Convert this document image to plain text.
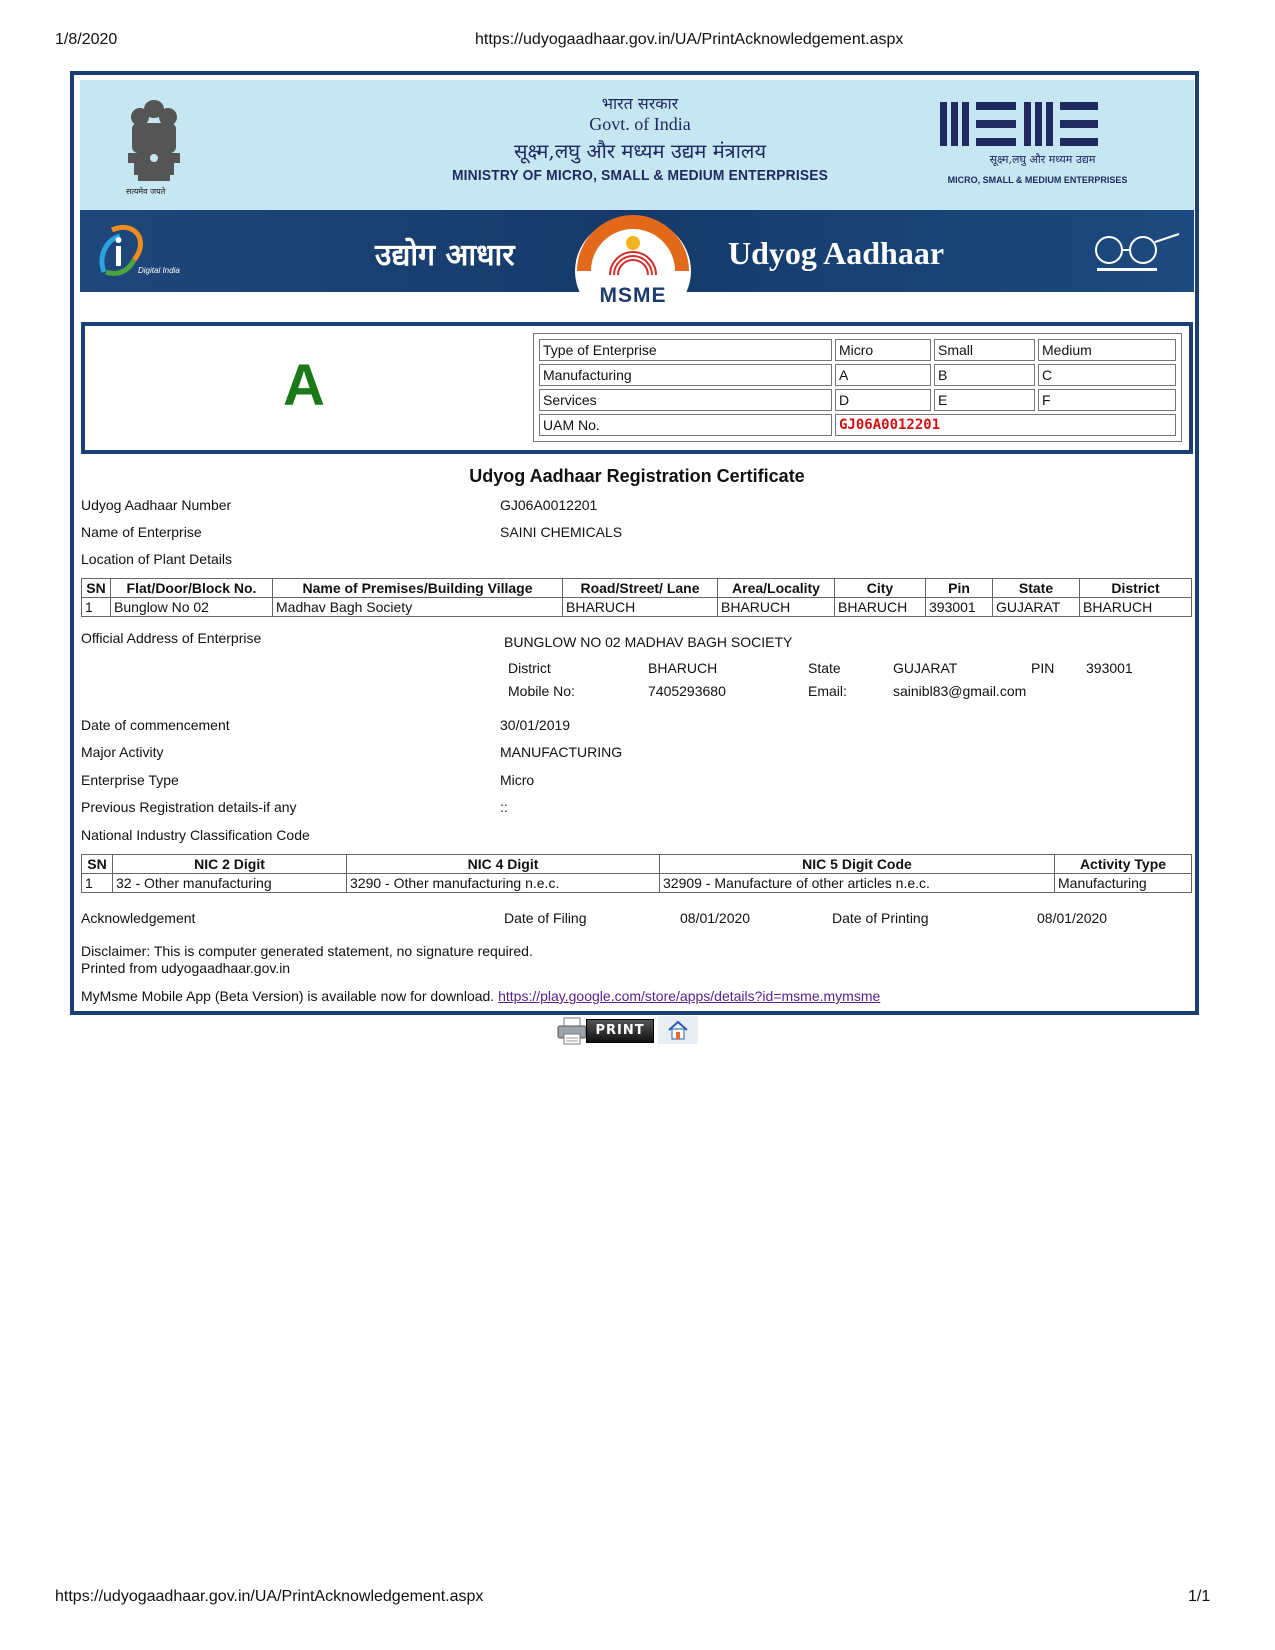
1/8/2020	https://udyogaadhaar.gov.in/UA/PrintAcknowledgement.aspx
https://udyogaadhaar.gov.in/UA/PrintAcknowledgement.aspx	1/1
सत्यमेव जयते
भारत सरकार
Govt. of India
सूक्ष्म,लघु और मध्यम उद्यम मंत्रालय
MINISTRY OF MICRO, SMALL & MEDIUM ENTERPRISES
सूक्ष्म,लघु और मध्यम उद्यम
MICRO, SMALL & MEDIUM ENTERPRISES
Digital India	उद्योग आधार
MSME
Udyog Aadhaar
A
Type of Enterprise	Micro	Small	Medium
Manufacturing	A	B	C
Services	D	E	F
UAM No.	GJ06A0012201		
Udyog Aadhaar Registration Certificate
Udyog Aadhaar Number	GJ06A0012201
Name of Enterprise	SAINI CHEMICALS
Location of Plant Details
SN	Flat/Door/Block No.	Name of Premises/Building Village	Road/Street/ Lane	Area/Locality	City	Pin	State	District
1	Bunglow No 02	Madhav Bagh Society	BHARUCH	BHARUCH	BHARUCH	393001	GUJARAT	BHARUCH
Official Address of Enterprise	BUNGLOW NO 02 MADHAV BAGH SOCIETY
District	BHARUCH	State	GUJARAT	PIN 393001
Mobile No:	7405293680	Email:	sainibl83@gmail.com
Date of commencement	30/01/2019
Major Activity	MANUFACTURING
Enterprise Type	Micro
Previous Registration details-if any	::
National Industry Classification Code
SN	NIC 2 Digit	NIC 4 Digit	NIC 5 Digit Code	Activity Type
1	32 - Other manufacturing	3290 - Other manufacturing n.e.c.	32909 - Manufacture of other articles n.e.c.	Manufacturing
Acknowledgement	Date of Filing	08/01/2020	Date of Printing	08/01/2020
Disclaimer: This is computer generated statement, no signature required.
Printed from udyogaadhaar.gov.in
MyMsme Mobile App (Beta Version) is available now for download. https://play.google.com/store/apps/details?id=msme.mymsme
PRINT
